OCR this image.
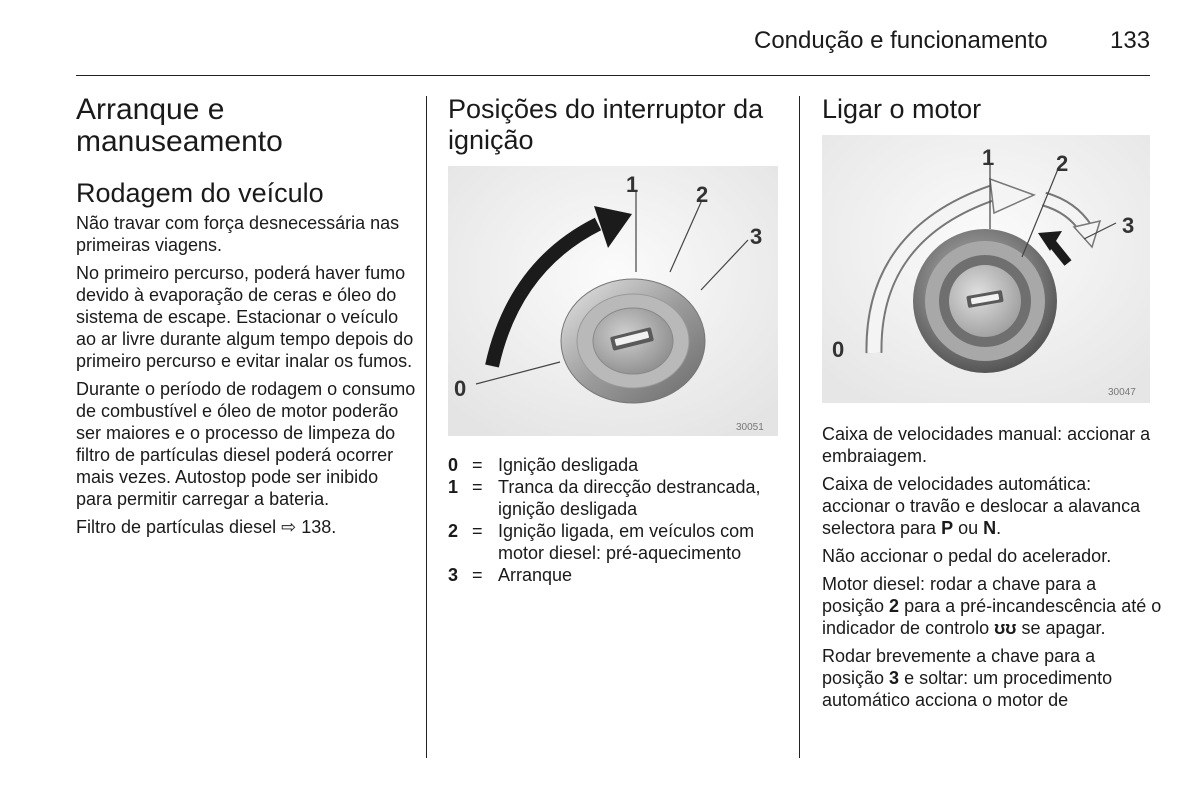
Condução e funcionamento	133
Arranque e manuseamento
Rodagem do veículo

Não travar com força desnecessária nas primeiras viagens.

No primeiro percurso, poderá haver fumo devido à evaporação de ceras e óleo do sistema de escape. Estacionar o veículo ao ar livre durante algum tempo depois do primeiro percurso e evitar inalar os fumos.

Durante o período de rodagem o consumo de combustível e óleo de motor poderão ser maiores e o processo de limpeza do filtro de partículas diesel poderá ocorrer mais vezes. Autostop pode ser inibido para permitir carregar a bateria.

Filtro de partículas diesel ⇨ 138.

Posições do interruptor da ignição
0
1	2
3
30051
0 = Ignição desligada
1 = Tranca da direcção destrancada, ignição desligada
2 = Ignição ligada, em veículos com motor diesel: pré-aquecimento
3 = Arranque
Ligar o motor
0
1	2
3
30047

Caixa de velocidades manual: accionar a embraiagem.

Caixa de velocidades automática: accionar o travão e deslocar a alavanca selectora para P ou N.

Não accionar o pedal do acelerador.

Motor diesel: rodar a chave para a posição 2 para a pré-incandescência até o indicador de controlo ʊʊ se apagar.

Rodar brevemente a chave para a posição 3 e soltar: um procedimento automático acciona o motor de
